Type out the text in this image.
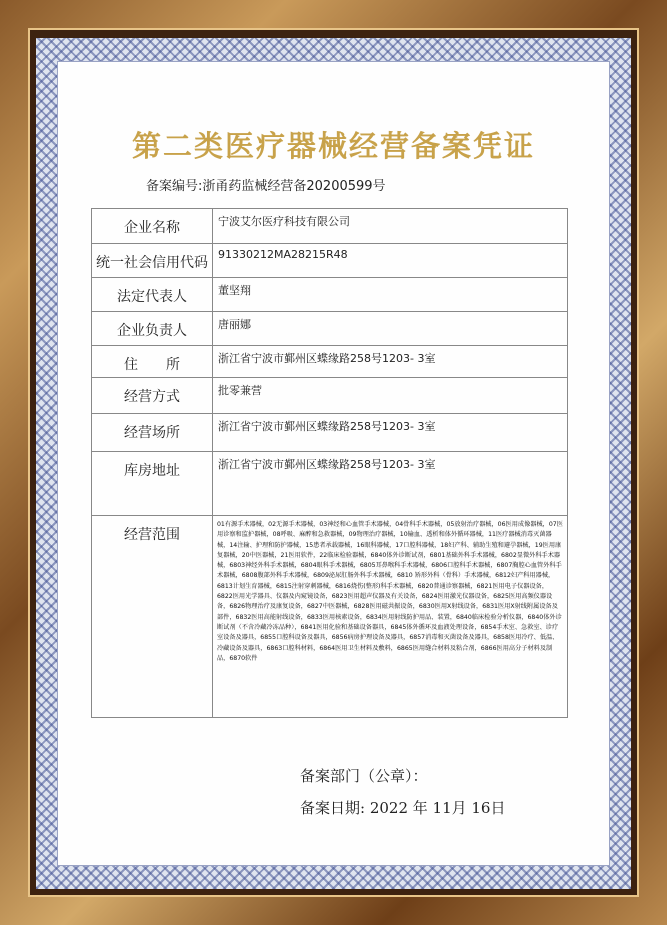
第二类医疗器械经营备案凭证
备案编号:浙甬药监械经营备20200599号
企业名称	宁波艾尔医疗科技有限公司

统一社会信用代码	91330212MA28215R48

法定代表人	董坚翔

企业负责人	唐丽娜

住　　所	浙江省宁波市鄞州区蝶缘路258号1203- 3室

经营方式	批零兼营

经营场所	浙江省宁波市鄞州区蝶缘路258号1203- 3室

库房地址	浙江省宁波市鄞州区蝶缘路258号1203- 3室

经营范围	01有源手术器械，02无源手术器械，03神经和心血管手术器械，04骨科手术器械，05放射治疗器械，06医用成像器械，07医用诊察和监护器械，08呼吸、麻醉和急救器械，09物理治疗器械，10输血、透析和体外循环器械，11医疗器械消毒灭菌器械，14注输、护理和防护器械，15患者承载器械，16眼科器械，17口腔科器械，18妇产科、辅助生殖和避孕器械，19医用康复器械，20中医器械，21医用软件，22临床检验器械，6840体外诊断试剂，6801基础外科手术器械，6802显微外科手术器械，6803神经外科手术器械，6804眼科手术器械，6805耳鼻喉科手术器械，6806口腔科手术器械，6807胸腔心血管外科手术器械，6808腹部外科手术器械，6809泌尿肛肠外科手术器械，6810 矫形外科（骨科）手术器械，6812妇产科用器械，6813计划生育器械，6815注射穿刺器械，6816烧伤(整形)科手术器械，6820普通诊察器械，6821医用电子仪器设备，6822医用光学器具、仪器及内窥镜设备，6823医用超声仪器及有关设备，6824医用激光仪器设备，6825医用高频仪器设备，6826物理治疗及康复设备，6827中医器械，6828医用磁共振设备，6830医用X射线设备，6831医用X射线附属设备及部件，6832医用高能射线设备，6833医用核素设备，6834医用射线防护用品、装置，6840临床检验分析仪器，6840体外诊断试剂（不含冷藏冷冻品种），6841医用化验和基础设备器具，6845体外循环及血液处理设备，6854手术室、急救室、诊疗室设备及器具，6855口腔科设备及器具，6856病房护理设备及器具，6857消毒和灭菌设备及器具，6858医用冷疗、低温、冷藏设备及器具，6863口腔科材料，6864医用卫生材料及敷料，6865医用缝合材料及粘合剂，6866医用高分子材料及制品，6870软件
备案部门（公章）：
备案日期: 2022 年 11月 16日
